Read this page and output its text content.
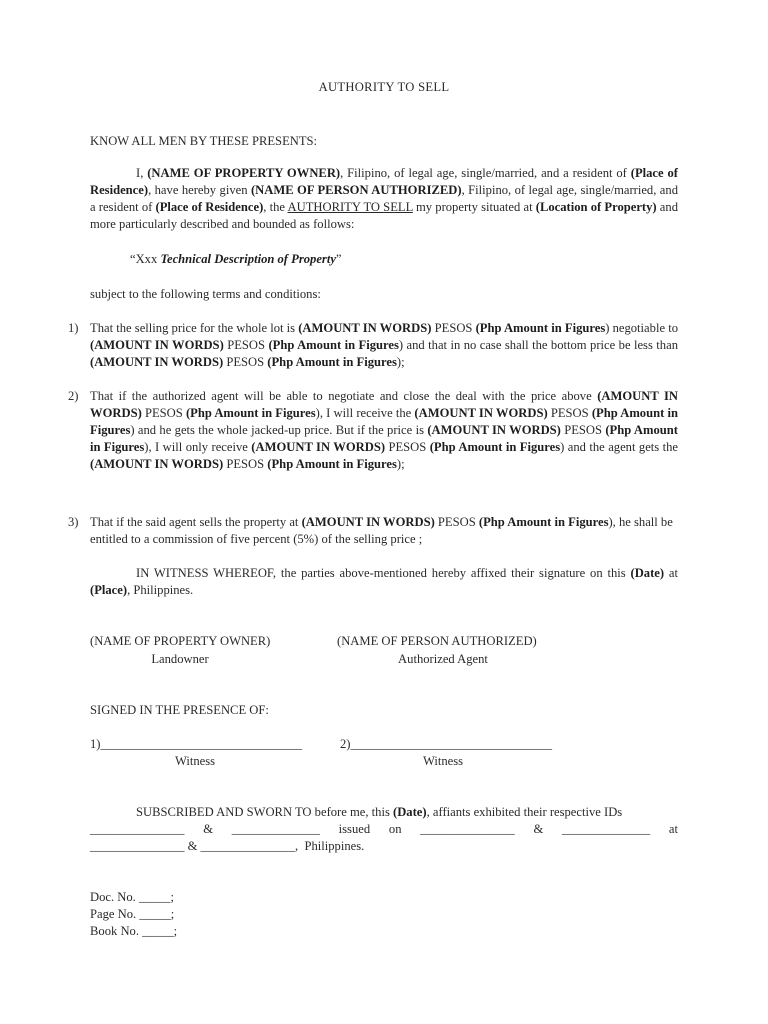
AUTHORITY TO SELL
KNOW ALL MEN BY THESE PRESENTS:
I, (NAME OF PROPERTY OWNER), Filipino, of legal age, single/married, and a resident of (Place of Residence), have hereby given (NAME OF PERSON AUTHORIZED), Filipino, of legal age, single/married, and a resident of (Place of Residence), the AUTHORITY TO SELL my property situated at (Location of Property) and more particularly described and bounded as follows:
“Xxx Technical Description of Property”
subject to the following terms and conditions:
1) That the selling price for the whole lot is (AMOUNT IN WORDS) PESOS (Php Amount in Figures) negotiable to (AMOUNT IN WORDS) PESOS (Php Amount in Figures) and that in no case shall the bottom price be less than (AMOUNT IN WORDS) PESOS (Php Amount in Figures);
2) That if the authorized agent will be able to negotiate and close the deal with the price above (AMOUNT IN WORDS) PESOS (Php Amount in Figures), I will receive the (AMOUNT IN WORDS) PESOS (Php Amount in Figures) and he gets the whole jacked-up price. But if the price is (AMOUNT IN WORDS) PESOS (Php Amount in Figures), I will only receive (AMOUNT IN WORDS) PESOS (Php Amount in Figures) and the agent gets the (AMOUNT IN WORDS) PESOS (Php Amount in Figures);
3) That if the said agent sells the property at (AMOUNT IN WORDS) PESOS (Php Amount in Figures), he shall be entitled to a commission of five percent (5%) of the selling price ;
IN WITNESS WHEREOF, the parties above-mentioned hereby affixed their signature on this (Date) at (Place), Philippines.
(NAME OF PROPERTY OWNER)
Landowner
(NAME OF PERSON AUTHORIZED)
Authorized Agent
SIGNED IN THE PRESENCE OF:
1)________________________________
Witness
2)________________________________
Witness
SUBSCRIBED AND SWORN TO before me, this (Date), affiants exhibited their respective IDs
_______________ & ______________ issued on _______________ & ______________ at
_______________ & _______________,  Philippines.
Doc. No. _____;
Page No. _____;
Book No. _____;
